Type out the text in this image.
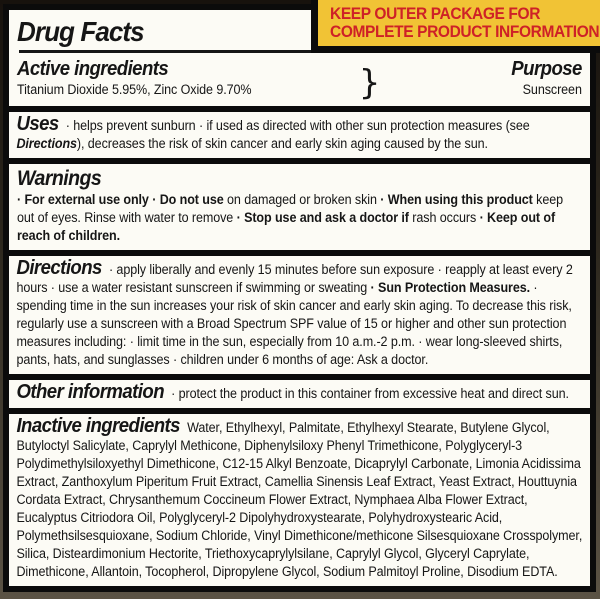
KEEP OUTER PACKAGE FOR
COMPLETE PRODUCT INFORMATION
Drug Facts
Active ingredients
Titanium Dioxide 5.95%, Zinc Oxide 9.70%	}	Purpose
Sunscreen
Uses · helps prevent sunburn · if used as directed with other sun protection measures (see Directions), decreases the risk of skin cancer and early skin aging caused by the sun.
Warnings
· For external use only · Do not use on damaged or broken skin · When using this product keep out of eyes. Rinse with water to remove · Stop use and ask a doctor if rash occurs · Keep out of reach of children.
Directions · apply liberally and evenly 15 minutes before sun exposure · reapply at least every 2 hours · use a water resistant sunscreen if swimming or sweating · Sun Protection Measures. · spending time in the sun increases your risk of skin cancer and early skin aging. To decrease this risk, regularly use a sunscreen with a Broad Spectrum SPF value of 15 or higher and other sun protection measures including: · limit time in the sun, especially from 10 a.m.-2 p.m. · wear long-sleeved shirts, pants, hats, and sunglasses · children under 6 months of age: Ask a doctor.
Other information · protect the product in this container from excessive heat and direct sun.
Inactive ingredients Water, Ethylhexyl, Palmitate, Ethylhexyl Stearate, Butylene Glycol, Butyloctyl Salicylate, Caprylyl Methicone, Diphenylsiloxy Phenyl Trimethicone, Polyglyceryl-3 Polydimethylsiloxyethyl Dimethicone, C12-15 Alkyl Benzoate, Dicaprylyl Carbonate, Limonia Acidissima Extract, Zanthoxylum Piperitum Fruit Extract, Camellia Sinensis Leaf Extract, Yeast Extract, Houttuynia Cordata Extract, Chrysanthemum Coccineum Flower Extract, Nymphaea Alba Flower Extract, Eucalyptus Citriodora Oil, Polyglyceryl-2 Dipolyhydroxystearate, Polyhydroxystearic Acid, Polymethsilsesquioxane, Sodium Chloride, Vinyl Dimethicone/methicone Silsesquioxane Crosspolymer, Silica, Disteardimonium Hectorite, Triethoxycaprylylsilane, Caprylyl Glycol, Glyceryl Caprylate, Dimethicone, Allantoin, Tocopherol, Dipropylene Glycol, Sodium Palmitoyl Proline, Disodium EDTA.
